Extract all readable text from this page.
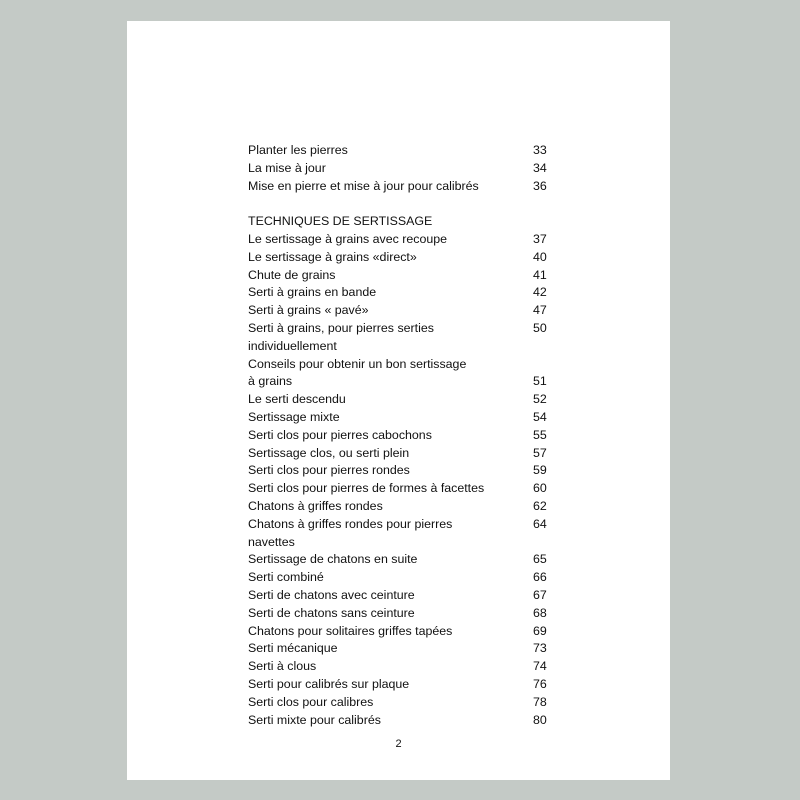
Planter les pierres	33
La mise à jour	34
Mise en pierre et mise à jour pour calibrés	36
TECHNIQUES DE SERTISSAGE
Le sertissage à grains avec recoupe	37
Le sertissage à grains «direct»	40
Chute de grains	41
Serti à grains en bande	42
Serti à grains « pavé»	47
Serti à grains, pour pierres serties	50
individuellement
Conseils pour obtenir un bon sertissage
à grains	51
Le serti descendu	52
Sertissage mixte	54
Serti clos pour pierres cabochons	55
Sertissage clos, ou serti plein	57
Serti clos pour pierres rondes	59
Serti clos pour pierres de formes à facettes	60
Chatons à griffes rondes	62
Chatons à griffes rondes pour pierres	64
navettes
Sertissage de chatons en suite	65
Serti combiné	66
Serti de chatons avec ceinture	67
Serti de chatons sans ceinture	68
Chatons pour solitaires griffes tapées	69
Serti mécanique	73
Serti à clous	74
Serti pour calibrés sur plaque	76
Serti clos pour calibres	78
Serti mixte pour calibrés	80
2
